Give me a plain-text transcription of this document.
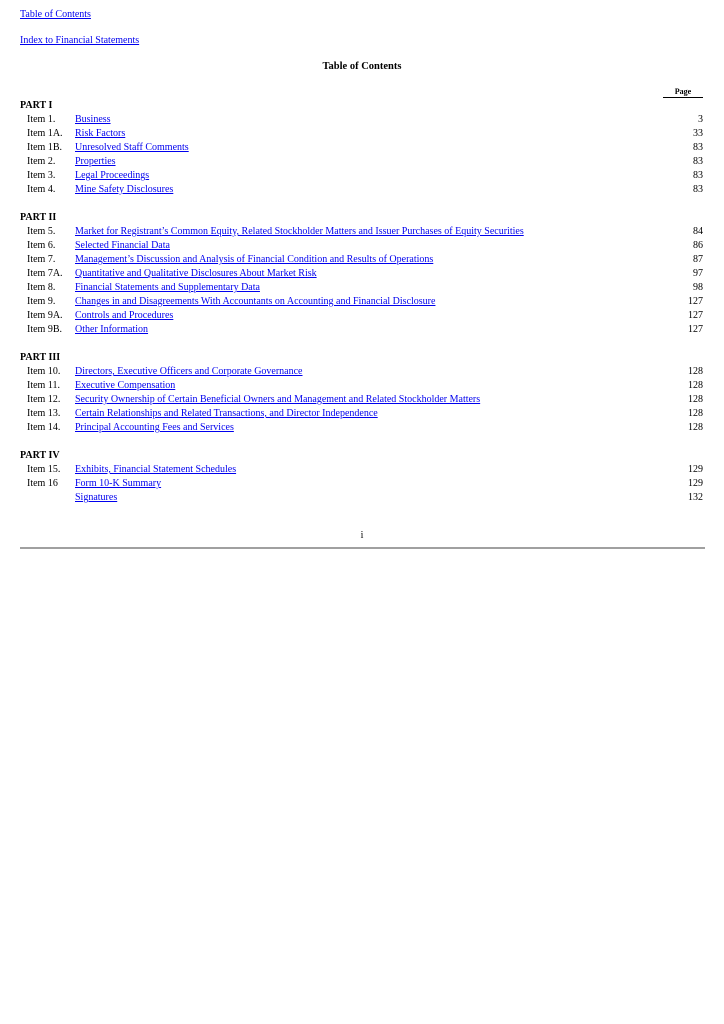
Table of Contents
Index to Financial Statements
Table of Contents
Page
PART I
Item 1. Business	3
Item 1A. Risk Factors	33
Item 1B. Unresolved Staff Comments	83
Item 2. Properties	83
Item 3. Legal Proceedings	83
Item 4. Mine Safety Disclosures	83
PART II
Item 5. Market for Registrant’s Common Equity, Related Stockholder Matters and Issuer Purchases of Equity Securities	84
Item 6. Selected Financial Data	86
Item 7. Management’s Discussion and Analysis of Financial Condition and Results of Operations	87
Item 7A. Quantitative and Qualitative Disclosures About Market Risk	97
Item 8. Financial Statements and Supplementary Data	98
Item 9. Changes in and Disagreements With Accountants on Accounting and Financial Disclosure	127
Item 9A. Controls and Procedures	127
Item 9B. Other Information	127
PART III
Item 10. Directors, Executive Officers and Corporate Governance	128
Item 11. Executive Compensation	128
Item 12. Security Ownership of Certain Beneficial Owners and Management and Related Stockholder Matters	128
Item 13. Certain Relationships and Related Transactions, and Director Independence	128
Item 14. Principal Accounting Fees and Services	128
PART IV
Item 15. Exhibits, Financial Statement Schedules	129
Item 16 Form 10-K Summary	129
Signatures	132
i
